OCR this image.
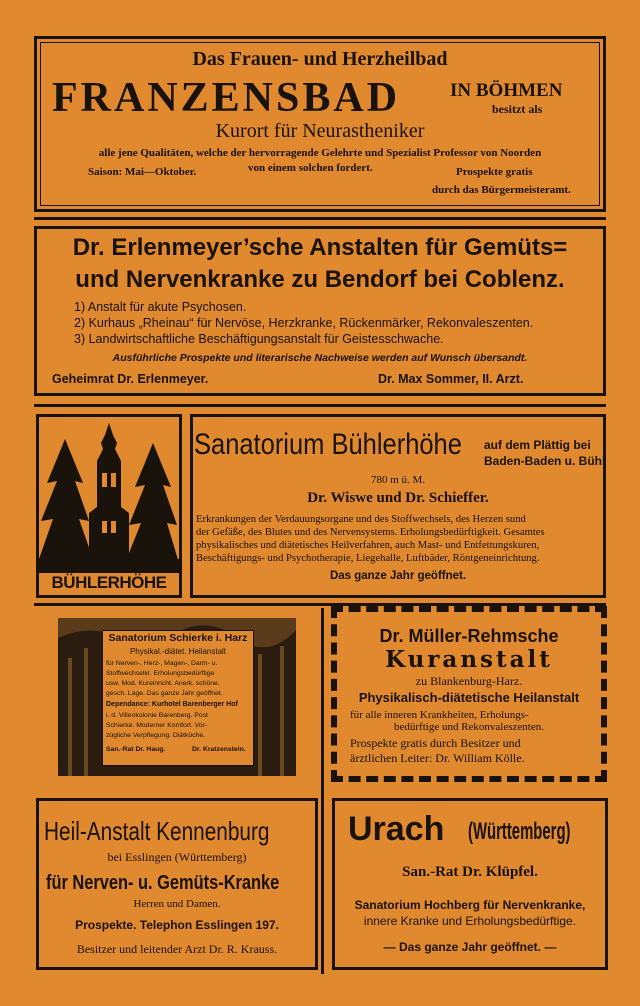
Das Frauen- und Herzheilbad
FRANZENSBAD	IN BÖHMEN
besitzt als
Kurort für Neurastheniker
alle jene Qualitäten, welche der hervorragende Gelehrte und Spezialist Professor von Noorden
Saison: Mai—Oktober.	von einem solchen fordert.	Prospekte gratis
durch das Bürgermeisteramt.
Dr. Erlenmeyer’sche Anstalten für Gemüts=
und Nervenkranke zu Bendorf bei Coblenz.
1) Anstalt für akute Psychosen.
2) Kurhaus „Rheinau“ für Nervöse, Herzkranke, Rückenmärker, Rekonvaleszenten.
3) Landwirtschaftliche Beschäftigungsanstalt für Geistesschwache.
Ausführliche Prospekte und literarische Nachweise werden auf Wunsch übersandt.
Geheimrat Dr. Erlenmeyer.	Dr. Max Sommer, II. Arzt.
BÜHLERHÖHE
Sanatorium Bühlerhöhe	auf dem Plättig bei
Baden-Baden u. Bühl
780 m ü. M.
Dr. Wiswe und Dr. Schieffer.
Erkrankungen der Verdauungsorgane und des Stoffwechsels, des Herzen sund
der Gefäße, des Blutes und des Nervensystems. Erholungsbedürftigkeit. Gesamtes
physikalisches und diätetisches Heilverfahren, auch Mast- und Entfettungskuren,
Beschäftigungs- und Psychotherapie, Liegehalle, Luftbäder, Röntgeneinrichtung.
Das ganze Jahr geöffnet.
Sanatorium Schierke i. Harz
Physikal.-diätet. Heilanstalt
für Nerven-, Herz-, Magen-, Darm- u.
Stoffwechselkr. Erholungsbedürftige
usw. Mod. Kureinricht. Anerk. schöne,
gesch. Lage. Das ganze Jahr geöffnet.
Dependance: Kurhotel Barenberger Hof
i. d. Villenkolonie Barenberg. Post
Schierke. Moderner Komfort. Vor-
zügliche Verpflegung. Diätküche.
San.-Rat Dr. Haug.	Dr. Kratzenstein.
Dr. Müller-Rehmsche
Kuranstalt
zu Blankenburg-Harz.
Physikalisch-diätetische Heilanstalt
für alle inneren Krankheiten, Erholungs-
bedürftige und Rekonvaleszenten.
Prospekte gratis durch Besitzer und
ärztlichen Leiter: Dr. William Kölle.
Heil-Anstalt Kennenburg
bei Esslingen (Württemberg)
für Nerven- u. Gemüts-Kranke
Herren und Damen.
Prospekte. Telephon Esslingen 197.
Besitzer und leitender Arzt Dr. R. Krauss.
Urach (Württemberg)
San.-Rat Dr. Klüpfel.
Sanatorium Hochberg für Nervenkranke,
innere Kranke und Erholungsbedürftige.
— Das ganze Jahr geöffnet. —
